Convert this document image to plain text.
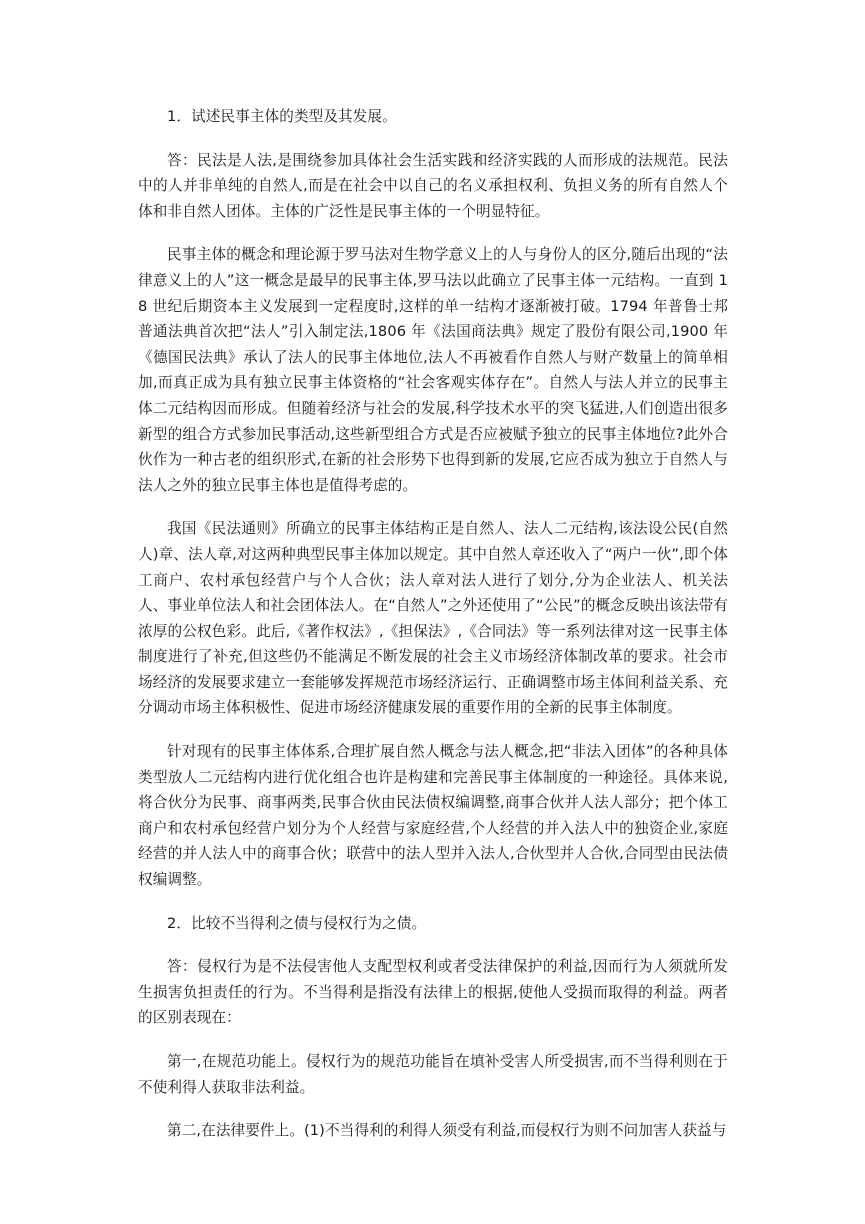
1．试述民事主体的类型及其发展。

答：民法是人法,是围绕参加具体社会生活实践和经济实践的人而形成的法规范。民法中的人并非单纯的自然人,而是在社会中以自己的名义承担权利、负担义务的所有自然人个体和非自然人团体。主体的广泛性是民事主体的一个明显特征。

民事主体的概念和理论源于罗马法对生物学意义上的人与身份人的区分,随后出现的“法律意义上的人”这一概念是最早的民事主体,罗马法以此确立了民事主体一元结构。一直到 18 世纪后期资本主义发展到一定程度时,这样的单一结构才逐渐被打破。1794 年普鲁士邦普通法典首次把“法人”引入制定法,1806 年《法国商法典》规定了股份有限公司,1900 年《德国民法典》承认了法人的民事主体地位,法人不再被看作自然人与财产数量上的简单相加,而真正成为具有独立民事主体资格的“社会客观实体存在”。自然人与法人并立的民事主体二元结构因而形成。但随着经济与社会的发展,科学技术水平的突飞猛进,人们创造出很多新型的组合方式参加民事活动,这些新型组合方式是否应被赋予独立的民事主体地位?此外合伙作为一种古老的组织形式,在新的社会形势下也得到新的发展,它应否成为独立于自然人与法人之外的独立民事主体也是值得考虑的。

我国《民法通则》所确立的民事主体结构正是自然人、法人二元结构,该法设公民(自然人)章、法人章,对这两种典型民事主体加以规定。其中自然人章还收入了“两户一伙”,即个体工商户、农村承包经营户与个人合伙；法人章对法人进行了划分,分为企业法人、机关法人、事业单位法人和社会团体法人。在“自然人”之外还使用了“公民”的概念反映出该法带有浓厚的公权色彩。此后,《著作权法》,《担保法》,《合同法》等一系列法律对这一民事主体制度进行了补充,但这些仍不能满足不断发展的社会主义市场经济体制改革的要求。社会市场经济的发展要求建立一套能够发挥规范市场经济运行、正确调整市场主体间利益关系、充分调动市场主体积极性、促进市场经济健康发展的重要作用的全新的民事主体制度。

针对现有的民事主体体系,合理扩展自然人概念与法人概念,把“非法入团体”的各种具体类型放人二元结构内进行优化组合也许是构建和完善民事主体制度的一种途径。具体来说,将合伙分为民事、商事两类,民事合伙由民法债权编调整,商事合伙并人法人部分；把个体工商户和农村承包经营户划分为个人经营与家庭经营,个人经营的并入法人中的独资企业,家庭经营的并人法人中的商事合伙；联营中的法人型并入法人,合伙型并人合伙,合同型由民法债权编调整。

2．比较不当得利之债与侵权行为之债。

答：侵权行为是不法侵害他人支配型权利或者受法律保护的利益,因而行为人须就所发生损害负担责任的行为。不当得利是指没有法律上的根据,使他人受损而取得的利益。两者的区别表现在：

第一,在规范功能上。侵权行为的规范功能旨在填补受害人所受损害,而不当得利则在于不使利得人获取非法利益。

第二,在法律要件上。(1)不当得利的利得人须受有利益,而侵权行为则不问加害人获益与
